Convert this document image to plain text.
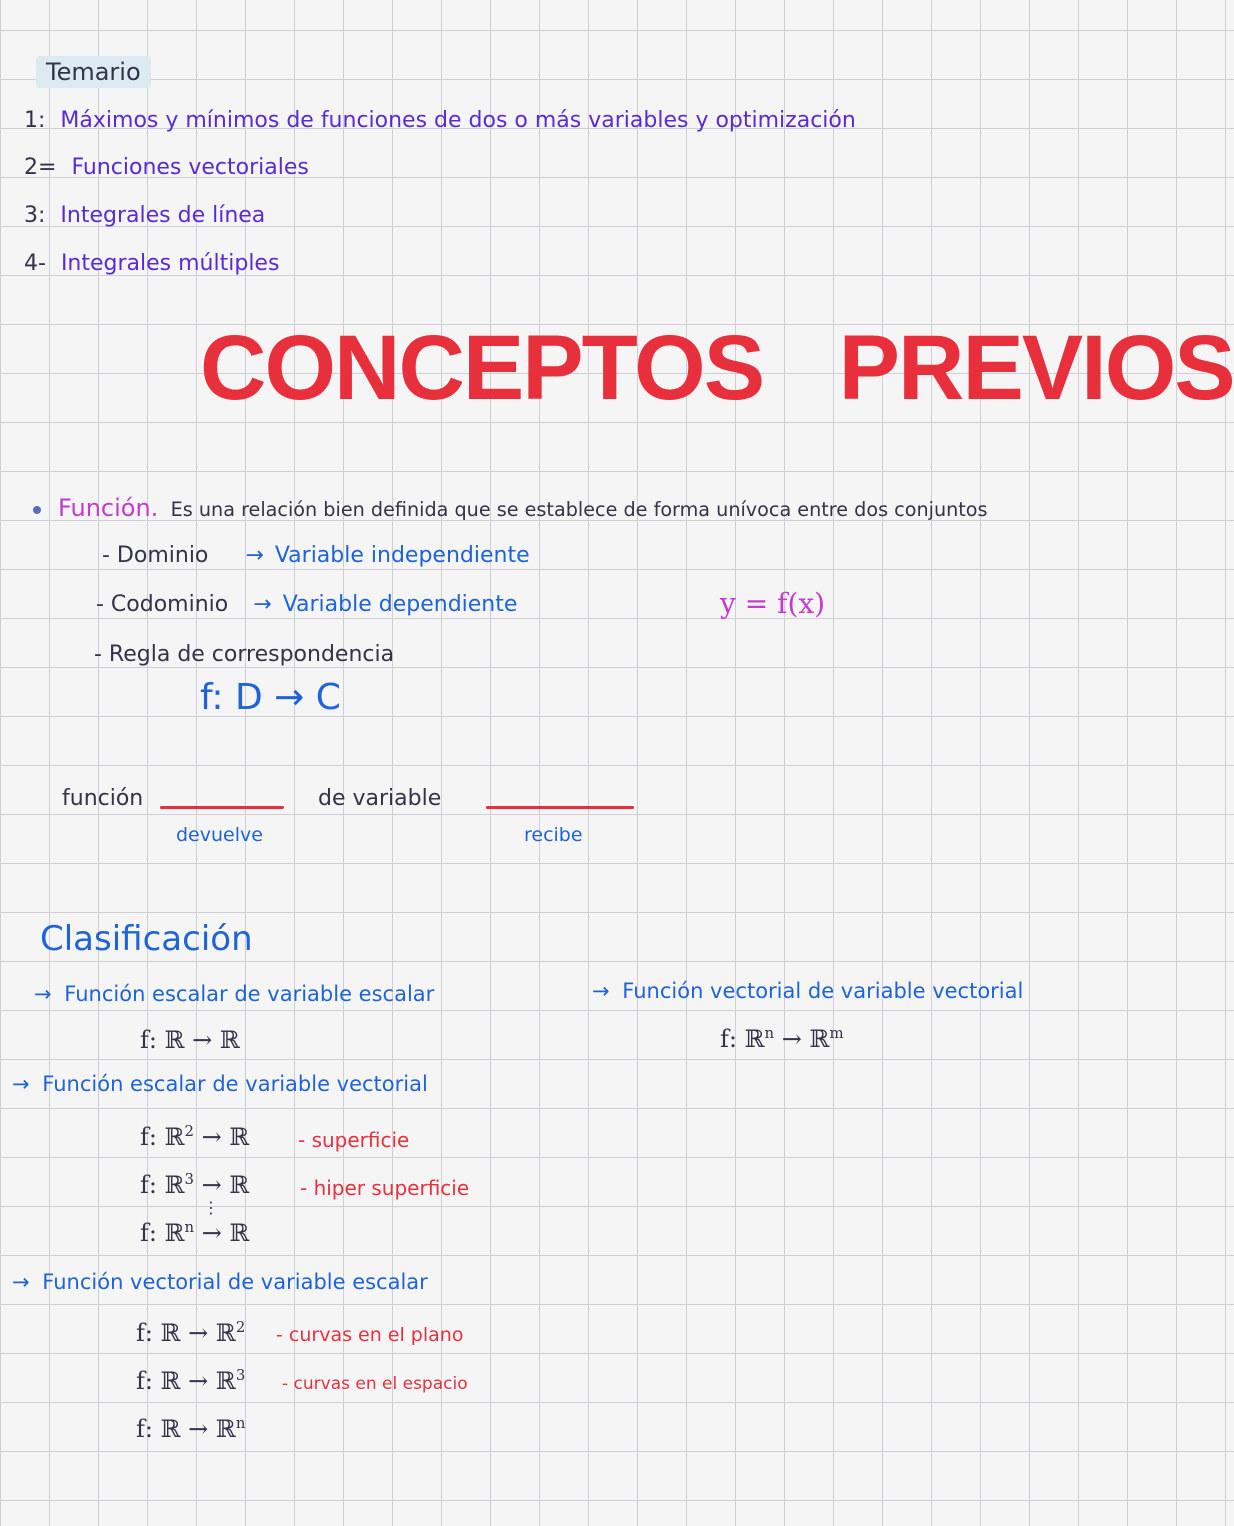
Temario
1: Máximos y mínimos de funciones de dos o más variables y optimización
2= Funciones vectoriales
3: Integrales de línea
4- Integrales múltiples
CONCEPTOS PREVIOS
Función. Es una relación bien definida que se establece de forma unívoca entre dos conjuntos
- Dominio → Variable independiente
- Codominio → Variable dependiente	y = f(x)
- Regla de correspondencia
f: D → C
función	de variable
devuelve	recibe
Clasificación
→ Función escalar de variable escalar
f: ℝ → ℝ
→ Función vectorial de variable vectorial
f: ℝ$^n$ → ℝ$^m$
→ Función escalar de variable vectorial
f: ℝ$^2$ → ℝ - superficie
f: ℝ$^3$ → ℝ	- hiper superficie
⋮
f: ℝ$^n$ → ℝ
→ Función vectorial de variable escalar
f: ℝ → ℝ$^2$ - curvas en el plano
f: ℝ → ℝ$^3$ - curvas en el espacio
f: ℝ → ℝ$^n$
